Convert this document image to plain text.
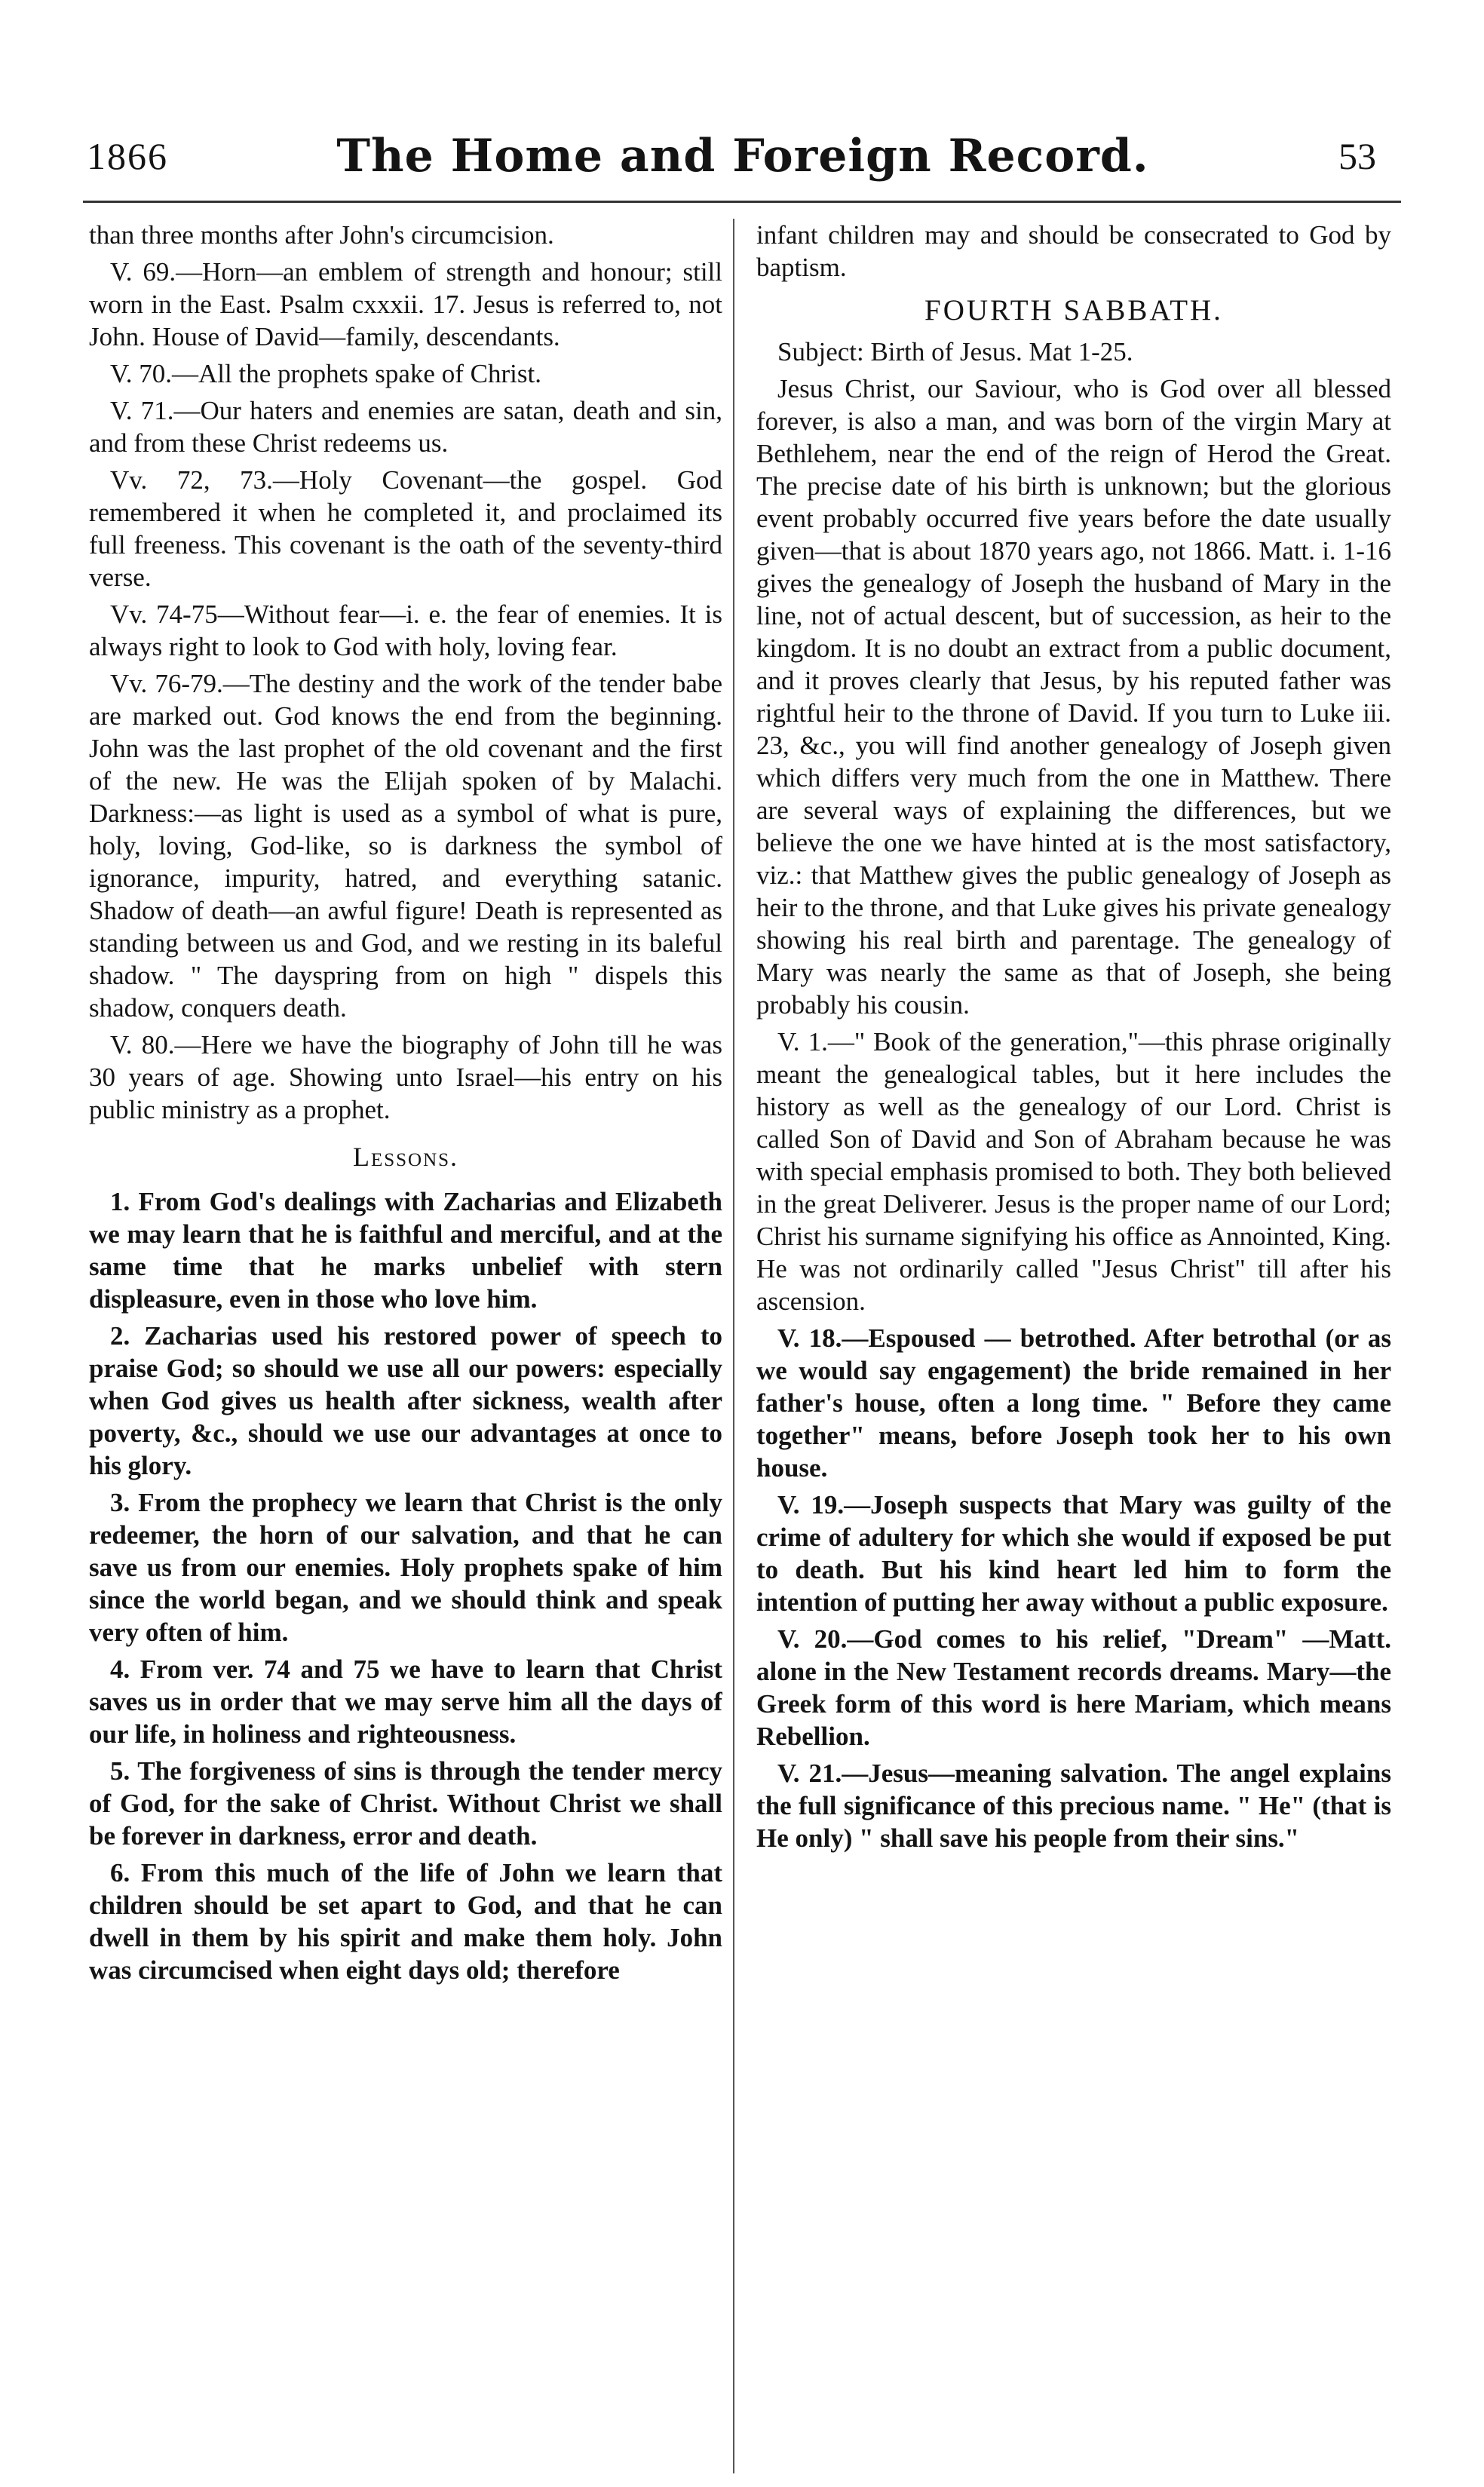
1866	The Home and Foreign Record.	53

than three months after John's circumcision.

V. 69.—Horn—an emblem of strength and honour; still worn in the East. Psalm cxxxii. 17. Jesus is referred to, not John. House of David—family, descendants.

V. 70.—All the prophets spake of Christ.

V. 71.—Our haters and enemies are satan, death and sin, and from these Christ redeems us.

Vv. 72, 73.—Holy Covenant—the gospel. God remembered it when he completed it, and proclaimed its full freeness. This covenant is the oath of the seventy-third verse.

Vv. 74-75—Without fear—i. e. the fear of enemies. It is always right to look to God with holy, loving fear.

Vv. 76-79.—The destiny and the work of the tender babe are marked out. God knows the end from the beginning. John was the last prophet of the old covenant and the first of the new. He was the Elijah spoken of by Malachi. Darkness:—as light is used as a symbol of what is pure, holy, loving, God-like, so is darkness the symbol of ignorance, impurity, hatred, and everything satanic. Shadow of death—an awful figure! Death is represented as standing between us and God, and we resting in its baleful shadow. " The dayspring from on high " dispels this shadow, conquers death.

V. 80.—Here we have the biography of John till he was 30 years of age. Showing unto Israel—his entry on his public ministry as a prophet.

Lessons.

1. From God's dealings with Zacharias and Elizabeth we may learn that he is faithful and merciful, and at the same time that he marks unbelief with stern displeasure, even in those who love him.

2. Zacharias used his restored power of speech to praise God; so should we use all our powers: especially when God gives us health after sickness, wealth after poverty, &c., should we use our advantages at once to his glory.

3. From the prophecy we learn that Christ is the only redeemer, the horn of our salvation, and that he can save us from our enemies. Holy prophets spake of him since the world began, and we should think and speak very often of him.

4. From ver. 74 and 75 we have to learn that Christ saves us in order that we may serve him all the days of our life, in holiness and righteousness.

5. The forgiveness of sins is through the tender mercy of God, for the sake of Christ. Without Christ we shall be forever in darkness, error and death.

6. From this much of the life of John we learn that children should be set apart to God, and that he can dwell in them by his spirit and make them holy. John was circumcised when eight days old; therefore

infant children may and should be consecrated to God by baptism.

FOURTH SABBATH.

Subject: Birth of Jesus. Mat 1-25.

Jesus Christ, our Saviour, who is God over all blessed forever, is also a man, and was born of the virgin Mary at Bethlehem, near the end of the reign of Herod the Great. The precise date of his birth is unknown; but the glorious event probably occurred five years before the date usually given—that is about 1870 years ago, not 1866. Matt. i. 1-16 gives the genealogy of Joseph the husband of Mary in the line, not of actual descent, but of succession, as heir to the kingdom. It is no doubt an extract from a public document, and it proves clearly that Jesus, by his reputed father was rightful heir to the throne of David. If you turn to Luke iii. 23, &c., you will find another genealogy of Joseph given which differs very much from the one in Matthew. There are several ways of explaining the differences, but we believe the one we have hinted at is the most satisfactory, viz.: that Matthew gives the public genealogy of Joseph as heir to the throne, and that Luke gives his private genealogy showing his real birth and parentage. The genealogy of Mary was nearly the same as that of Joseph, she being probably his cousin.

V. 1.—" Book of the generation,"—this phrase originally meant the genealogical tables, but it here includes the history as well as the genealogy of our Lord. Christ is called Son of David and Son of Abraham because he was with special emphasis promised to both. They both believed in the great Deliverer. Jesus is the proper name of our Lord; Christ his surname signifying his office as Annointed, King. He was not ordinarily called "Jesus Christ" till after his ascension.

V. 18.—Espoused — betrothed. After betrothal (or as we would say engagement) the bride remained in her father's house, often a long time. " Before they came together" means, before Joseph took her to his own house.

V. 19.—Joseph suspects that Mary was guilty of the crime of adultery for which she would if exposed be put to death. But his kind heart led him to form the intention of putting her away without a public exposure.

V. 20.—God comes to his relief, "Dream" —Matt. alone in the New Testament records dreams. Mary—the Greek form of this word is here Mariam, which means Rebellion.

V. 21.—Jesus—meaning salvation. The angel explains the full significance of this precious name. " He" (that is He only) " shall save his people from their sins."
